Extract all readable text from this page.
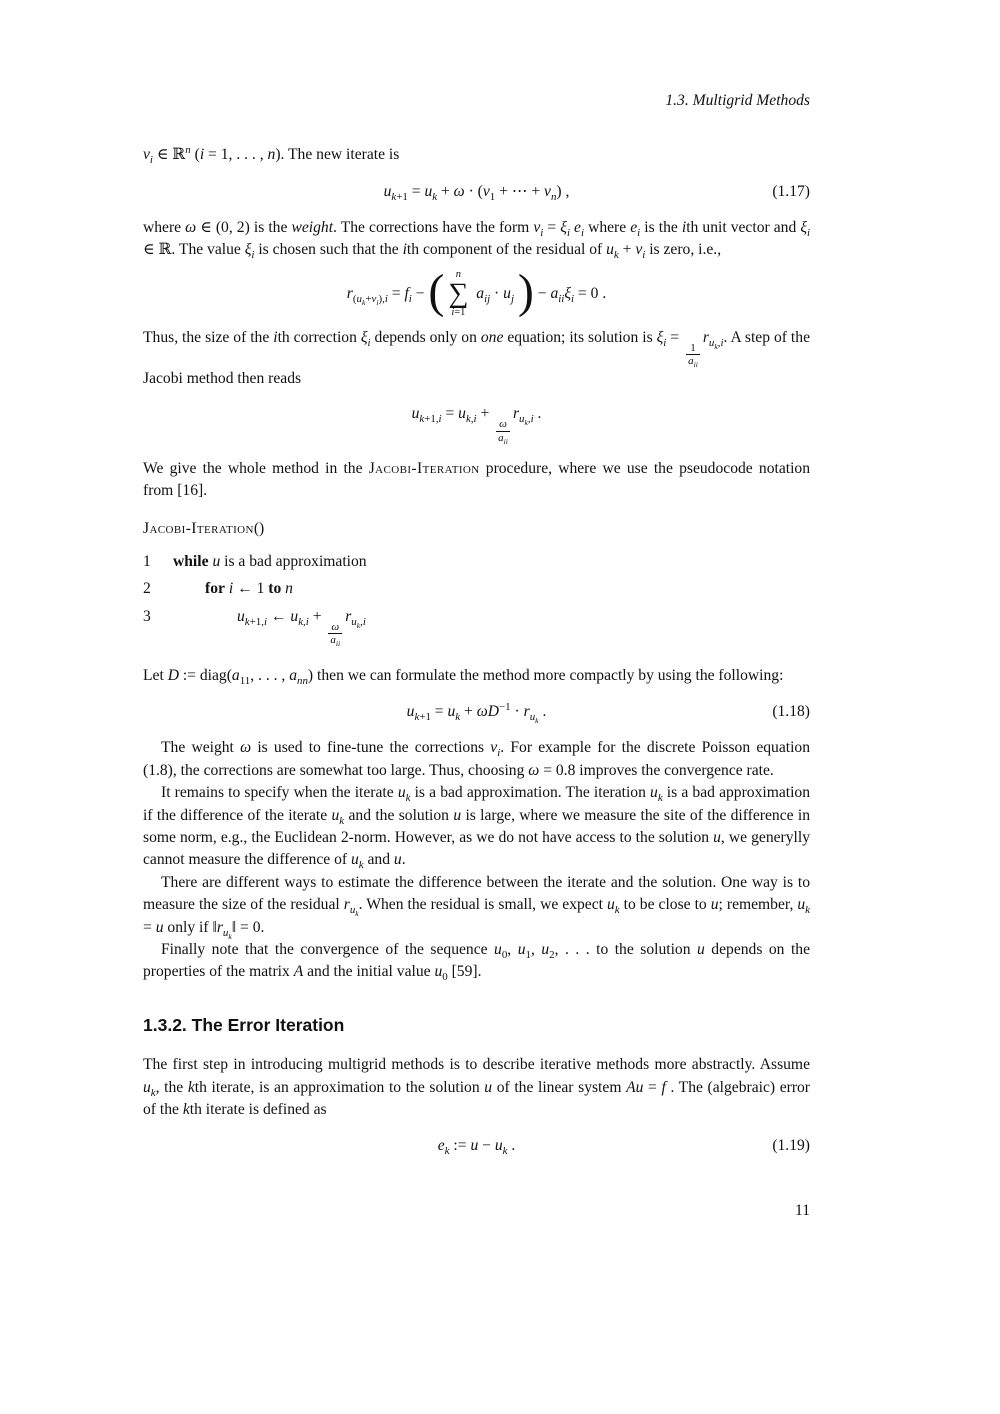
1.3. Multigrid Methods

$v_i$ ∈ ℝ$^n$ (i = 1, . . . , n). The new iterate is

$u_{k+1} = u_k + \omega \cdot (v_1$ + ⋯ + $v_n$) ,	(1.17)

where ω ∈ (0, 2) is the weight. The corrections have the form $v_i = \xi_i$ $e_i$ where $e_i$ is the ith unit vector and $\xi_i$ ∈ ℝ. The value $\xi_i$ is chosen such that the ith component of the residual of $u_k + v_i$ is zero, i.e.,

$r_{(u_k+v_i),i} = f_i$ − ( n
∑
i=1
$a_{ij} \cdot u_j$ ) − $a_{ii}\xi_i = 0$ .

Thus, the size of the ith correction $\xi_i$ depends only on one equation; its solution is $\xi_i$ =
$\frac{1}{a_{ii}}$
$r_{u_k,i}$. A step of the Jacobi method then reads

$u_{k+1,i} = u_{k,i}$ +
$\frac{\omega}{a_{ii}}$
$r_{u_k,i}$ .

We give the whole method in the Jacobi-Iteration procedure, where we use the pseudocode notation from [16].

Jacobi-Iteration()
1	while u is a bad approximation
2	for i ← 1 to n
3	$u_{k+1,i}$ ← $u_{k,i}$ +
$\frac{\omega}{a_{ii}}$
$r_{u_k,i}$

Let D := $diag(a_{11}$, . . . , $a_{nn}$) then we can formulate the method more compactly by using the following:

$u_{k+1} = u_k + \omega D^{-1} \cdot r_{u_k}$ .	(1.18)

The weight ω is used to fine-tune the corrections $v_i$. For example for the discrete Poisson equation (1.8), the corrections are somewhat too large. Thus, choosing ω = 0.8 improves the convergence rate.

It remains to specify when the iterate $u_k$ is a bad approximation. The iteration $u_k$ is a bad approximation if the difference of the iterate $u_k$ and the solution u is large, where we measure the site of the difference in some norm, e.g., the Euclidean 2-norm. However, as we do not have access to the solution u, we generylly cannot measure the difference of $u_k$ and u.

There are different ways to estimate the difference between the iterate and the solution. One way is to measure the size of the residual $r_{u_k}$. When the residual is small, we expect $u_k$ to be close to u; remember, $u_k = u$ only if $‖r_{u_k}‖ = 0$.

Finally note that the convergence of the sequence $u_0$, $u_1$, $u_2$, . . . to the solution u depends on the properties of the matrix A and the initial value $u_0$ [59].

1.3.2. The Error Iteration

The first step in introducing multigrid methods is to describe iterative methods more abstractly. Assume $u_k$, the kth iterate, is an approximation to the solution u of the linear system Au = f . The (algebraic) error of the kth iterate is defined as

$e_k$ := $u - u_k$ .	(1.19)
11
